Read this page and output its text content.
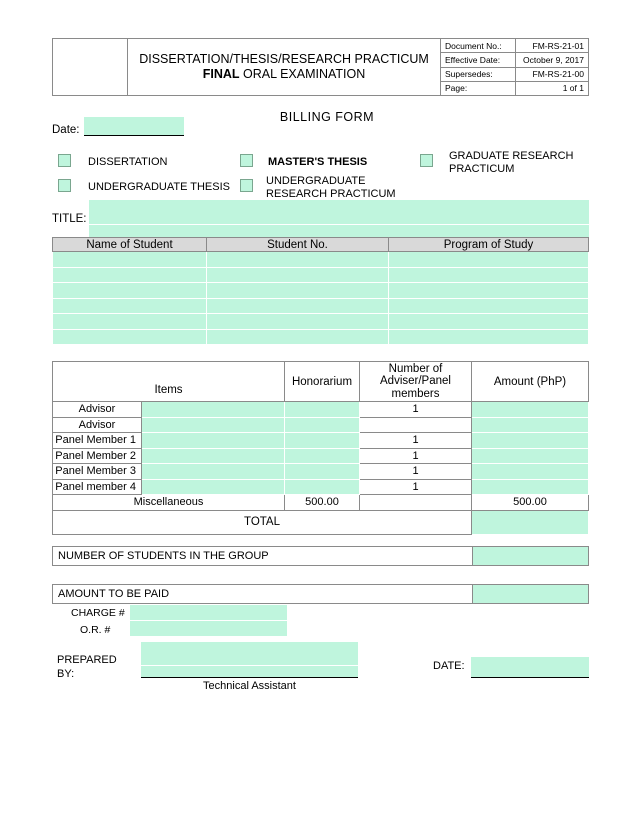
	DISSERTATION/THESIS/RESEARCH PRACTICUM
FINAL ORAL EXAMINATION	Document No.:	FM-RS-21-01
		Effective Date:	October 9, 2017
		Supersedes:	FM-RS-21-00
		Page:	1 of 1
BILLING FORM
Date:
DISSERTATION	MASTER'S THESIS	GRADUATE RESEARCH
PRACTICUM
UNDERGRADUATE THESIS	UNDERGRADUATE
RESEARCH PRACTICUM
TITLE:
Name of Student	Student No.	Program of Study

Items		Honorarium	Number of
Adviser/Panel
members	Amount (PhP)
Advisor			1	
Advisor				
Panel Member 1			1	
Panel Member 2			1	
Panel Member 3			1	
Panel member 4			1	
Miscellaneous		500.00		500.00
TOTAL				
NUMBER OF STUDENTS IN THE GROUP
AMOUNT TO BE PAID
CHARGE #
O.R. #
PREPARED
BY:
Technical Assistant
DATE:
